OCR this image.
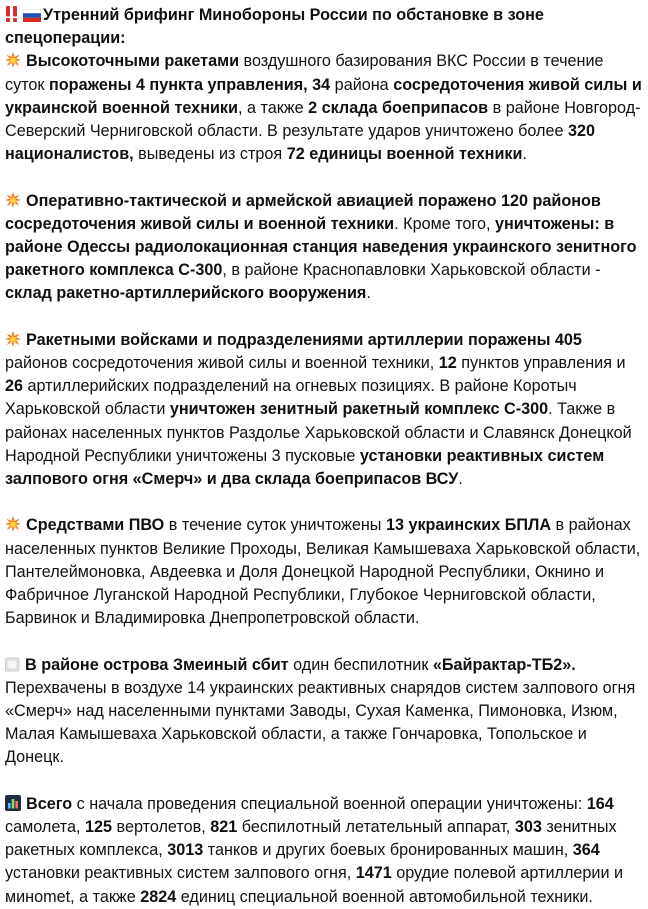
Утренний брифинг Минобороны России по обстановке в зоне спецоперации:

Высокоточными ракетами воздушного базирования ВКС России в течение суток поражены 4 пункта управления, 34 района сосредоточения живой силы и украинской военной техники, а также 2 склада боеприпасов в районе Новгород-Северский Черниговской области. В результате ударов уничтожено более 320 националистов, выведены из строя 72 единицы военной техники.

Оперативно-тактической и армейской авиацией поражено 120 районов сосредоточения живой силы и военной техники. Кроме того, уничтожены: в районе Одессы радиолокационная станция наведения украинского зенитного ракетного комплекса С-300, в районе Краснопавловки Харьковской области - склад ракетно-артиллерийского вооружения.

Ракетными войсками и подразделениями артиллерии поражены 405 районов сосредоточения живой силы и военной техники, 12 пунктов управления и 26 артиллерийских подразделений на огневых позициях. В районе Коротыч Харьковской области уничтожен зенитный ракетный комплекс С-300. Также в районах населенных пунктов Раздолье Харьковской области и Славянск Донецкой Народной Республики уничтожены 3 пусковые установки реактивных систем залпового огня «Смерч» и два склада боеприпасов ВСУ.

Средствами ПВО в течение суток уничтожены 13 украинских БПЛА в районах населенных пунктов Великие Проходы, Великая Камышеваха Харьковской области, Пантелеймоновка, Авдеевка и Доля Донецкой Народной Республики, Окнино и Фабричное Луганской Народной Республики, Глубокое Черниговской области, Барвинок и Владимировка Днепропетровской области.

В районе острова Змеиный сбит один беспилотник «Байрактар-ТБ2». Перехвачены в воздухе 14 украинских реактивных снарядов систем залпового огня «Смерч» над населенными пунктами Заводы, Сухая Каменка, Пимоновка, Изюм, Малая Камышеваха Харьковской области, а также Гончаровка, Топольское и Донецк.

Всего с начала проведения специальной военной операции уничтожены: 164 самолета, 125 вертолетов, 821 беспилотный летательный аппарат, 303 зенитных ракетных комплекса, 3013 танков и других боевых бронированных машин, 364 установки реактивных систем залпового огня, 1471 орудие полевой артиллерии и минomet, а также 2824 единиц специальной военной автомобильной техники.
